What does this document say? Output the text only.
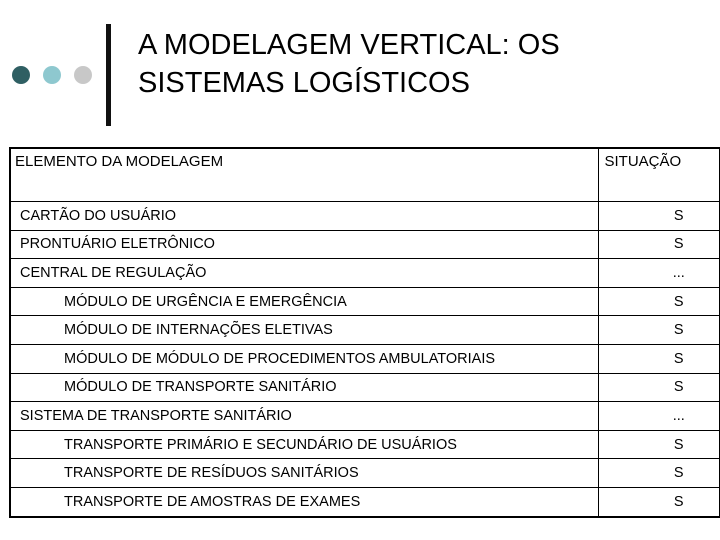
A MODELAGEM VERTICAL: OS
SISTEMAS LOGÍSTICOS
ELEMENTO DA MODELAGEM	SITUAÇÃO
CARTÃO DO USUÁRIO	S
PRONTUÁRIO ELETRÔNICO	S
CENTRAL DE REGULAÇÃO	...
MÓDULO DE URGÊNCIA E EMERGÊNCIA	S
MÓDULO DE INTERNAÇÕES ELETIVAS	S
MÓDULO DE MÓDULO DE PROCEDIMENTOS AMBULATORIAIS	S
MÓDULO DE TRANSPORTE SANITÁRIO	S
SISTEMA DE TRANSPORTE SANITÁRIO	...
TRANSPORTE PRIMÁRIO E SECUNDÁRIO DE USUÁRIOS	S
TRANSPORTE DE RESÍDUOS SANITÁRIOS	S
TRANSPORTE DE AMOSTRAS DE EXAMES	S
